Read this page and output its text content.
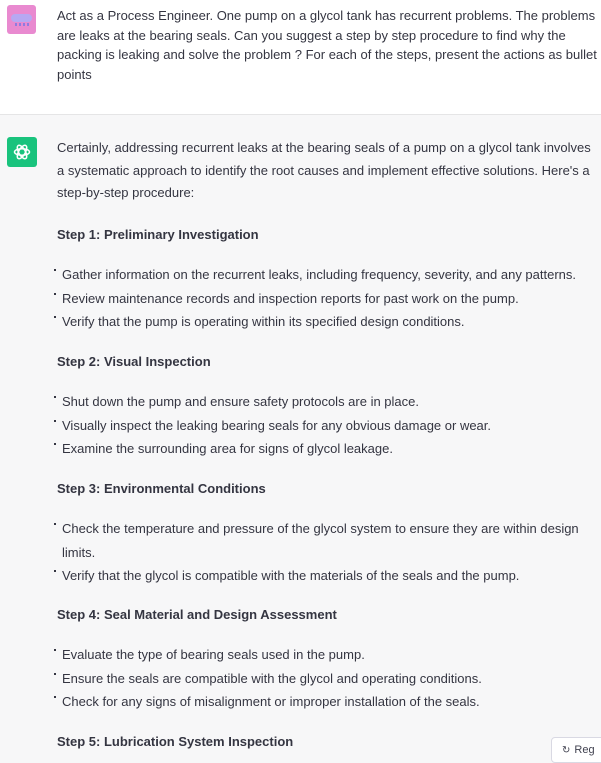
Act as a Process Engineer. One pump on a glycol tank has recurrent problems. The problems are leaks at the bearing seals. Can you suggest a step by step procedure to find why the packing is leaking and solve the problem ? For each of the steps, present the actions as bullet points

Certainly, addressing recurrent leaks at the bearing seals of a pump on a glycol tank involves a systematic approach to identify the root causes and implement effective solutions. Here's a step-by-step procedure:

Step 1: Preliminary Investigation

Gather information on the recurrent leaks, including frequency, severity, and any patterns.
Review maintenance records and inspection reports for past work on the pump.
Verify that the pump is operating within its specified design conditions.

Step 2: Visual Inspection

Shut down the pump and ensure safety protocols are in place.
Visually inspect the leaking bearing seals for any obvious damage or wear.
Examine the surrounding area for signs of glycol leakage.

Step 3: Environmental Conditions

Check the temperature and pressure of the glycol system to ensure they are within design limits.
Verify that the glycol is compatible with the materials of the seals and the pump.

Step 4: Seal Material and Design Assessment

Evaluate the type of bearing seals used in the pump.
Ensure the seals are compatible with the glycol and operating conditions.
Check for any signs of misalignment or improper installation of the seals.

Step 5: Lubrication System Inspection

↻ Reg
